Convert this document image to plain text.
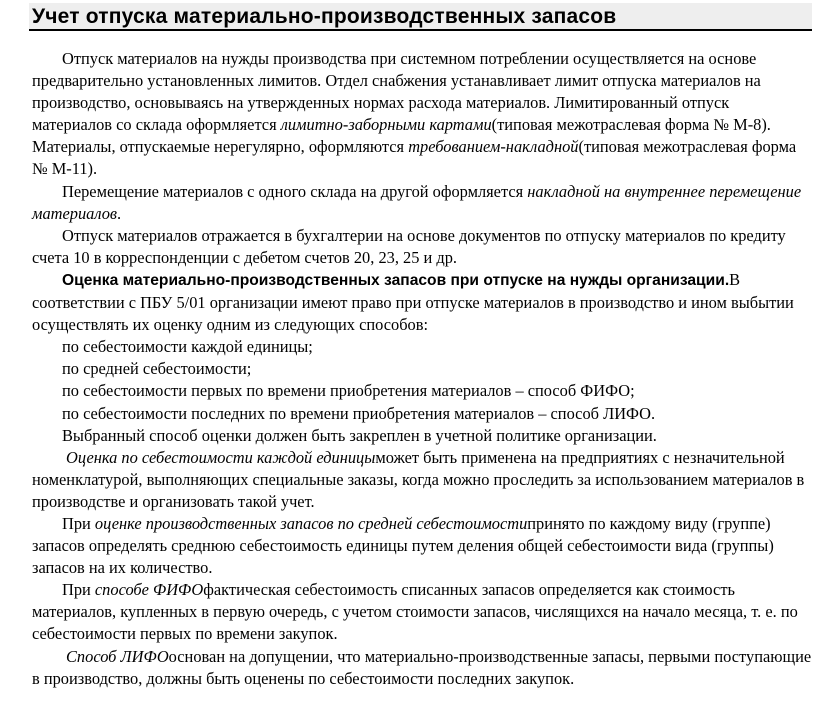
Учет отпуска материально-производственных запасов

Отпуск материалов на нужды производства при системном потреблении осуществляется на основе предварительно установленных лимитов. Отдел снабжения устанавливает лимит отпуска материалов на производство, основываясь на утвержденных нормах расхода материалов. Лимитированный отпуск материалов со склада оформляется лимитно-заборными картами(типовая межотраслевая форма № М-8). Материалы, отпускаемые нерегулярно, оформляются требованием-накладной(типовая межотраслевая форма № М-11).

Перемещение материалов с одного склада на другой оформляется накладной на внутреннее перемещение материалов.

Отпуск материалов отражается в бухгалтерии на основе документов по отпуску материалов по кредиту счета 10 в корреспонденции с дебетом счетов 20, 23, 25 и др.

Оценка материально-производственных запасов при отпуске на нужды организации.В соответствии с ПБУ 5/01 организации имеют право при отпуске материалов в производство и ином выбытии осуществлять их оценку одним из следующих способов:

по себестоимости каждой единицы;

по средней себестоимости;

по себестоимости первых по времени приобретения материалов – способ ФИФО;

по себестоимости последних по времени приобретения материалов – способ ЛИФО.

Выбранный способ оценки должен быть закреплен в учетной политике организации.

Оценка по себестоимости каждой единицыможет быть применена на предприятиях с незначительной номенклатурой, выполняющих специальные заказы, когда можно проследить за использованием материалов в производстве и организовать такой учет.

При оценке производственных запасов по средней себестоимостипринято по каждому виду (группе) запасов определять среднюю себестоимость единицы путем деления общей себестоимости вида (группы) запасов на их количество.

При способе ФИФОфактическая себестоимость списанных запасов определяется как стоимость материалов, купленных в первую очередь, с учетом стоимости запасов, числящихся на начало месяца, т. е. по себестоимости первых по времени закупок.

Способ ЛИФОоснован на допущении, что материально-производственные запасы, первыми поступающие в производство, должны быть оценены по себестоимости последних закупок.
